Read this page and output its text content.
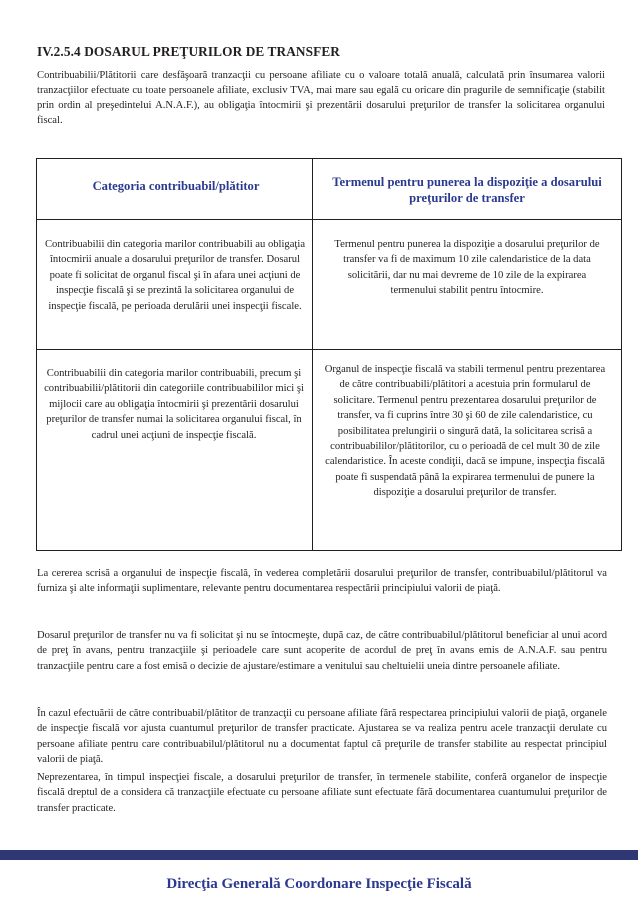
IV.2.5.4 DOSARUL PREŢURILOR DE TRANSFER
Contribuabilii/Plătitorii care desfăşoară tranzacţii cu persoane afiliate cu o valoare totală anuală, calculată prin însumarea valorii tranzacţiilor efectuate cu toate persoanele afiliate, exclusiv TVA, mai mare sau egală cu oricare din pragurile de semnificaţie (stabilit prin ordin al preşedintelui A.N.A.F.), au obligaţia întocmirii şi prezentării dosarului preţurilor de transfer la solicitarea organului fiscal.
Categoria contribuabil/plătitor	Termenul pentru punerea la dispoziţie a dosarului preţurilor de transfer
Contribuabilii din categoria marilor contribuabili au obligaţia întocmirii anuale a dosarului preţurilor de transfer. Dosarul poate fi solicitat de organul fiscal şi în afara unei acţiuni de inspecţie fiscală şi se prezintă la solicitarea organului de inspecţie fiscală, pe perioada derulării unei inspecţii fiscale.
Termenul pentru punerea la dispoziţie a dosarului preţurilor de transfer va fi de maximum 10 zile calendaristice de la data solicitării, dar nu mai devreme de 10 zile de la expirarea termenului stabilit pentru întocmire.
Contribuabilii din categoria marilor contribuabili, precum şi contribuabilii/plătitorii din categoriile contribuabililor mici şi mijlocii care au obligaţia întocmirii şi prezentării dosarului preţurilor de transfer numai la solicitarea organului fiscal, în cadrul unei acţiuni de inspecţie fiscală.
Organul de inspecţie fiscală va stabili termenul pentru prezentarea de către contribuabili/plătitori a acestuia prin formularul de solicitare. Termenul pentru prezentarea dosarului preţurilor de transfer, va fi cuprins între 30 şi 60 de zile calendaristice, cu posibilitatea prelungirii o singură dată, la solicitarea scrisă a contribuabililor/plătitorilor, cu o perioadă de cel mult 30 de zile calendaristice. În aceste condiţii, dacă se impune, inspecţia fiscală poate fi suspendată până la expirarea termenului de punere la dispoziţie a dosarului preţurilor de transfer.
La cererea scrisă a organului de inspecţie fiscală, în vederea completării dosarului preţurilor de transfer, contribuabilul/plătitorul va furniza şi alte informaţii suplimentare, relevante pentru documentarea respectării principiului valorii de piaţă.
Dosarul preţurilor de transfer nu va fi solicitat şi nu se întocmeşte, după caz, de către contribuabilul/plătitorul beneficiar al unui acord de preţ în avans, pentru tranzacţiile şi perioadele care sunt acoperite de acordul de preţ în avans emis de A.N.A.F. sau pentru tranzacţiile pentru care a fost emisă o decizie de ajustare/estimare a venitului sau cheltuielii uneia dintre persoanele afiliate.
În cazul efectuării de către contribuabil/plătitor de tranzacţii cu persoane afiliate fără respectarea principiului valorii de piaţă, organele de inspecţie fiscală vor ajusta cuantumul preţurilor de transfer practicate. Ajustarea se va realiza pentru acele tranzacţii derulate cu persoane afiliate pentru care contribuabilul/plătitorul nu a documentat faptul că preţurile de transfer stabilite au respectat principiul valorii de piaţă.
Neprezentarea, în timpul inspecţiei fiscale, a dosarului preţurilor de transfer, în termenele stabilite, conferă organelor de inspecţie fiscală dreptul de a considera că tranzacţiile efectuate cu persoane afiliate sunt efectuate fără documentarea cuantumului preţurilor de transfer practicate.
Direcţia Generală Coordonare Inspecţie Fiscală
